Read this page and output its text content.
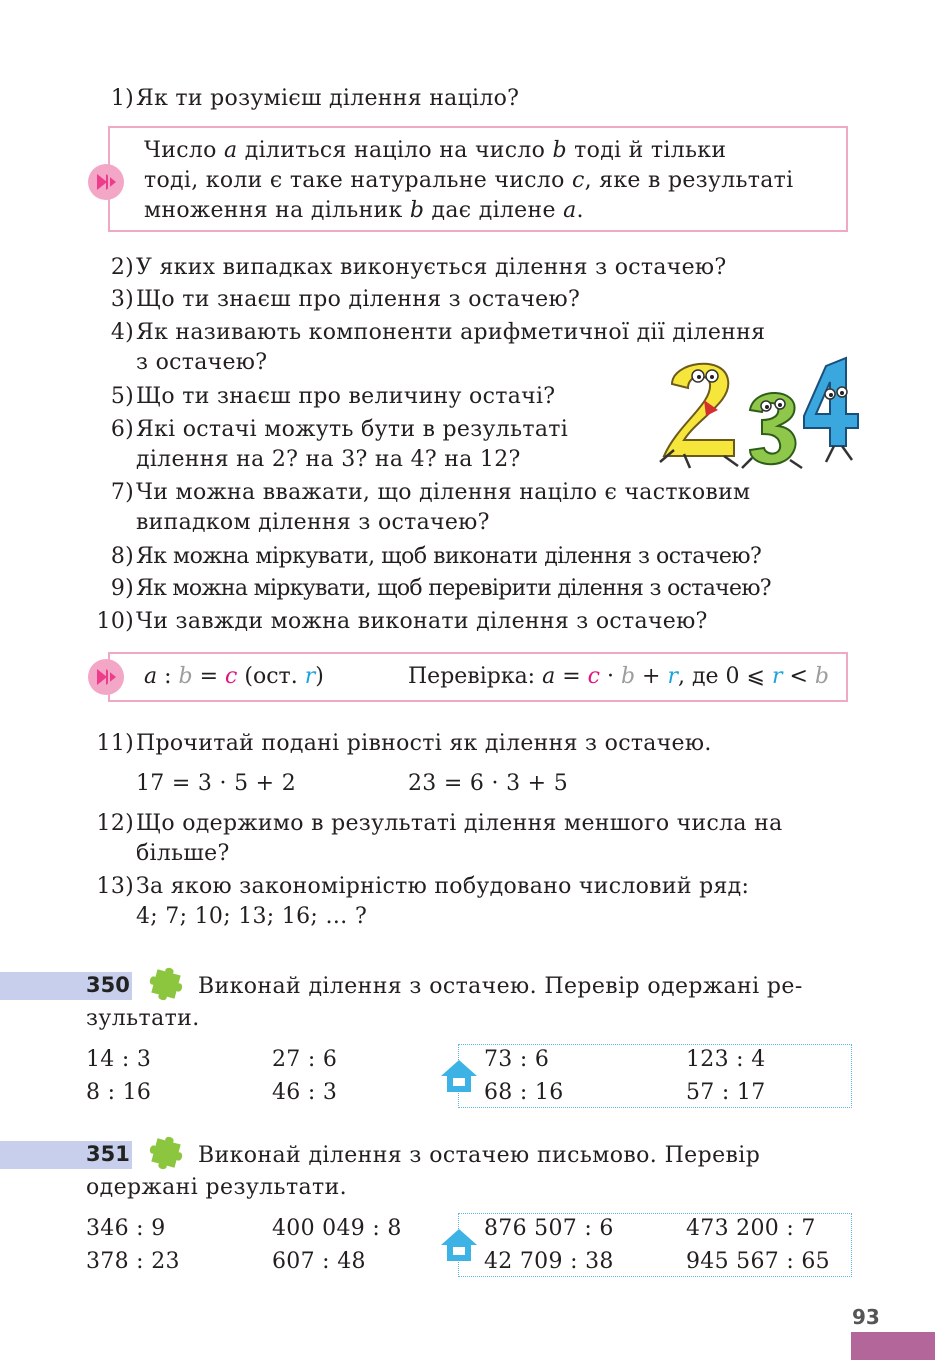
1) Як ти розумієш ділення націло?
Число a ділиться націло на число b тоді й тільки
тоді, коли є таке натуральне число c, яке в результаті
множення на дільник b дає ділене a.
2) У яких випадках виконується ділення з остачею?
3) Що ти знаєш про ділення з остачею?
4) Як називають компоненти арифметичної дії ділення
з остачею?
5) Що ти знаєш про величину остачі?
6) Які остачі можуть бути в результаті
ділення на 2? на 3? на 4? на 12?
7) Чи можна вважати, що ділення націло є частковим
випадком ділення з остачею?
8) Як можна міркувати, щоб виконати ділення з остачею?
9) Як можна міркувати, щоб перевірити ділення з остачею?
10) Чи завжди можна виконати ділення з остачею?
a : b = c (ост. r)	Перевірка: a = c · b + r, де 0 ⩽ r < b
11) Прочитай подані рівності як ділення з остачею.
17 = 3 · 5 + 2	23 = 6 · 3 + 5
12) Що одержимо в результаті ділення меншого числа на
більше?
13) За якою закономірністю побудовано числовий ряд:
4; 7; 10; 13; 16; … ?
350	Виконай ділення з остачею. Перевір одержані ре-
зультати.
14 : 3	27 : 6	73 : 6	123 : 4
8 : 16	46 : 3	68 : 16	57 : 17
351	Виконай ділення з остачею письмово. Перевір
одержані результати.
346 : 9	400 049 : 8	876 507 : 6	473 200 : 7
378 : 23	607 : 48	42 709 : 38	945 567 : 65
93
